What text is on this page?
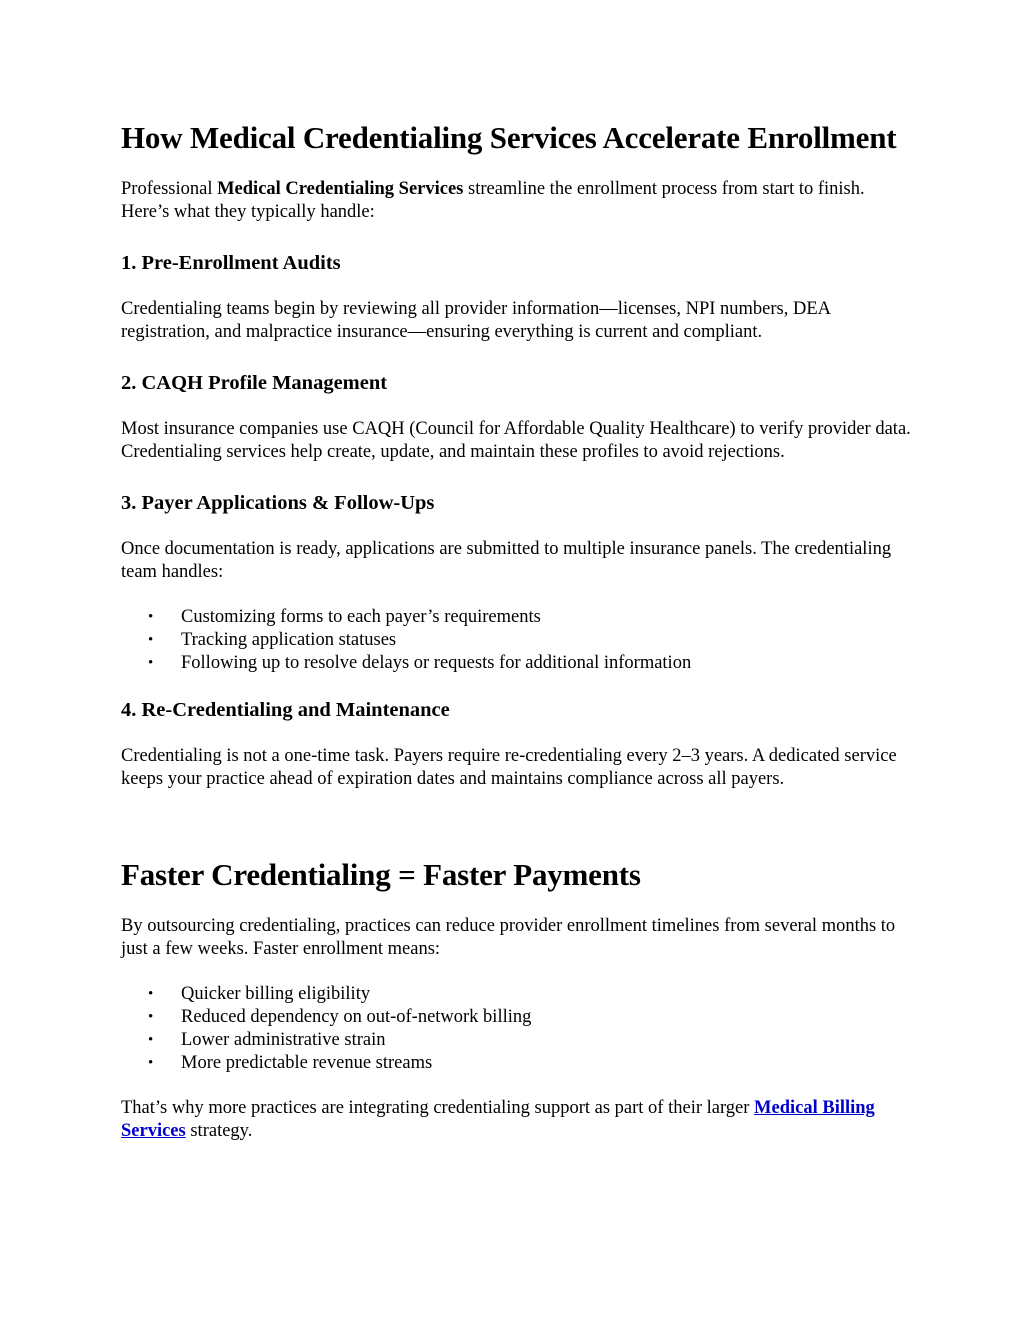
How Medical Credentialing Services Accelerate Enrollment

Professional Medical Credentialing Services streamline the enrollment process from start to finish. Here’s what they typically handle:

1. Pre-Enrollment Audits

Credentialing teams begin by reviewing all provider information—licenses, NPI numbers, DEA registration, and malpractice insurance—ensuring everything is current and compliant.

2. CAQH Profile Management

Most insurance companies use CAQH (Council for Affordable Quality Healthcare) to verify provider data. Credentialing services help create, update, and maintain these profiles to avoid rejections.

3. Payer Applications & Follow-Ups

Once documentation is ready, applications are submitted to multiple insurance panels. The credentialing team handles:

• Customizing forms to each payer’s requirements
• Tracking application statuses
• Following up to resolve delays or requests for additional information
4. Re-Credentialing and Maintenance

Credentialing is not a one-time task. Payers require re-credentialing every 2–3 years. A dedicated service keeps your practice ahead of expiration dates and maintains compliance across all payers.

Faster Credentialing = Faster Payments

By outsourcing credentialing, practices can reduce provider enrollment timelines from several months to just a few weeks. Faster enrollment means:

• Quicker billing eligibility
• Reduced dependency on out-of-network billing
• Lower administrative strain
• More predictable revenue streams

That’s why more practices are integrating credentialing support as part of their larger Medical Billing Services strategy.
